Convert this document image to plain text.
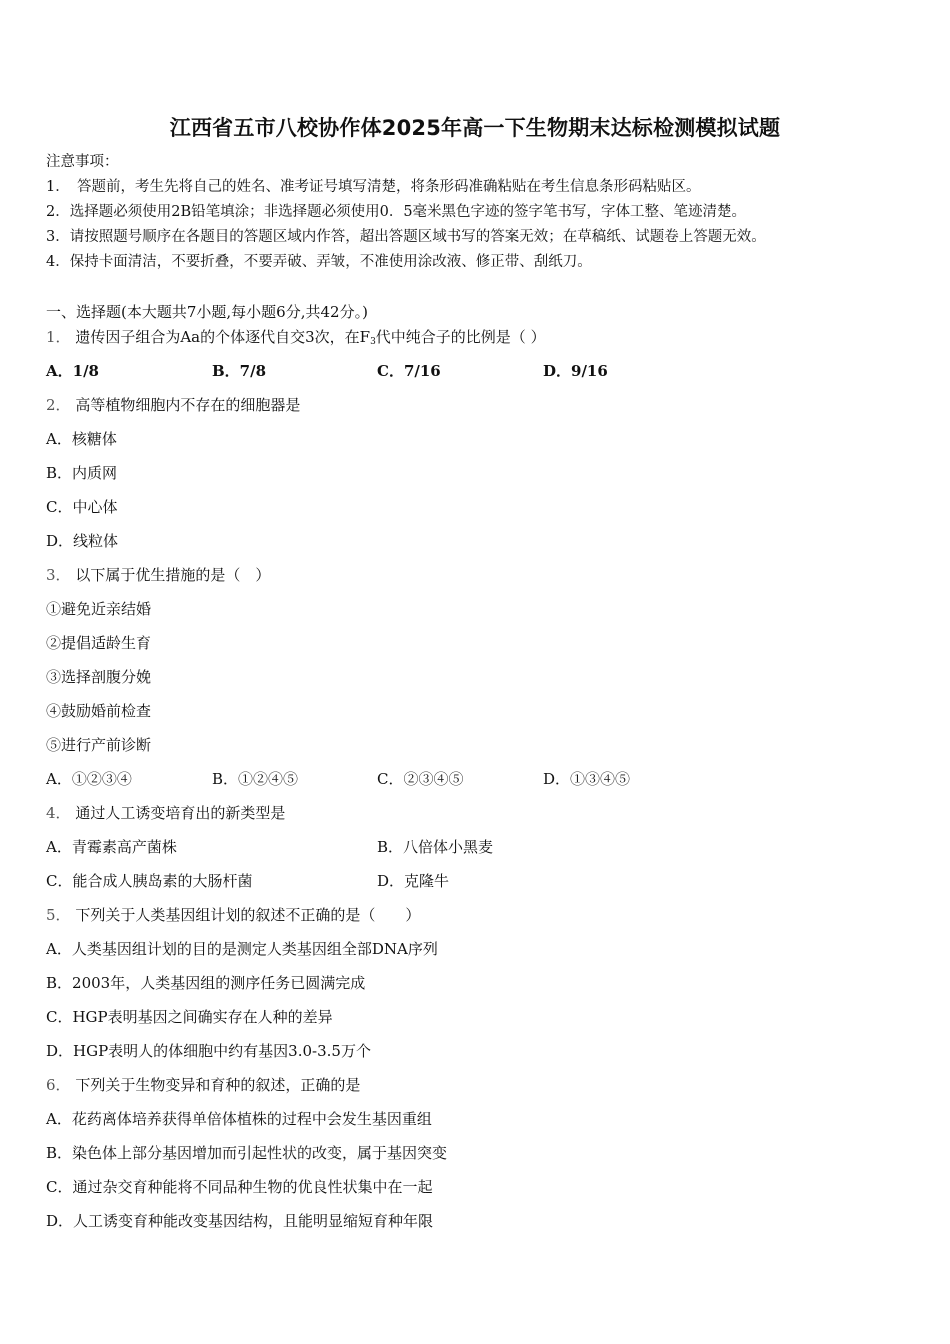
江西省五市八校协作体2025年高一下生物期末达标检测模拟试题
注意事项：
1．　答题前，考生先将自己的姓名、准考证号填写清楚，将条形码准确粘贴在考生信息条形码粘贴区。
2．选择题必须使用2B铅笔填涂；非选择题必须使用0．5毫米黑色字迹的签字笔书写，字体工整、笔迹清楚。
3．请按照题号顺序在各题目的答题区域内作答，超出答题区域书写的答案无效；在草稿纸、试题卷上答题无效。
4．保持卡面清洁，不要折叠，不要弄破、弄皱，不准使用涂改液、修正带、刮纸刀。
一、选择题(本大题共7小题,每小题6分,共42分。)
1． 遗传因子组合为Aa的个体逐代自交3次，在$F_3$代中纯合子的比例是（ ）
A．1/8	B．7/8	C．7/16	D．9/16
2． 高等植物细胞内不存在的细胞器是
A．核糖体
B．内质网
C．中心体
D．线粒体
3． 以下属于优生措施的是（　）
①避免近亲结婚
②提倡适龄生育
③选择剖腹分娩
④鼓励婚前检查
⑤进行产前诊断
A．①②③④	B．①②④⑤	C．②③④⑤	D．①③④⑤
4． 通过人工诱变培育出的新类型是
A．青霉素高产菌株	B．八倍体小黑麦
C．能合成人胰岛素的大肠杆菌	D．克隆牛
5． 下列关于人类基因组计划的叙述不正确的是（　　）
A．人类基因组计划的目的是测定人类基因组全部DNA序列
B．2003年，人类基因组的测序任务已圆满完成
C．HGP表明基因之间确实存在人种的差异
D．HGP表明人的体细胞中约有基因3.0-3.5万个
6． 下列关于生物变异和育种的叙述，正确的是
A．花药离体培养获得单倍体植株的过程中会发生基因重组
B．染色体上部分基因增加而引起性状的改变，属于基因突变
C．通过杂交育种能将不同品种生物的优良性状集中在一起
D．人工诱变育种能改变基因结构，且能明显缩短育种年限
